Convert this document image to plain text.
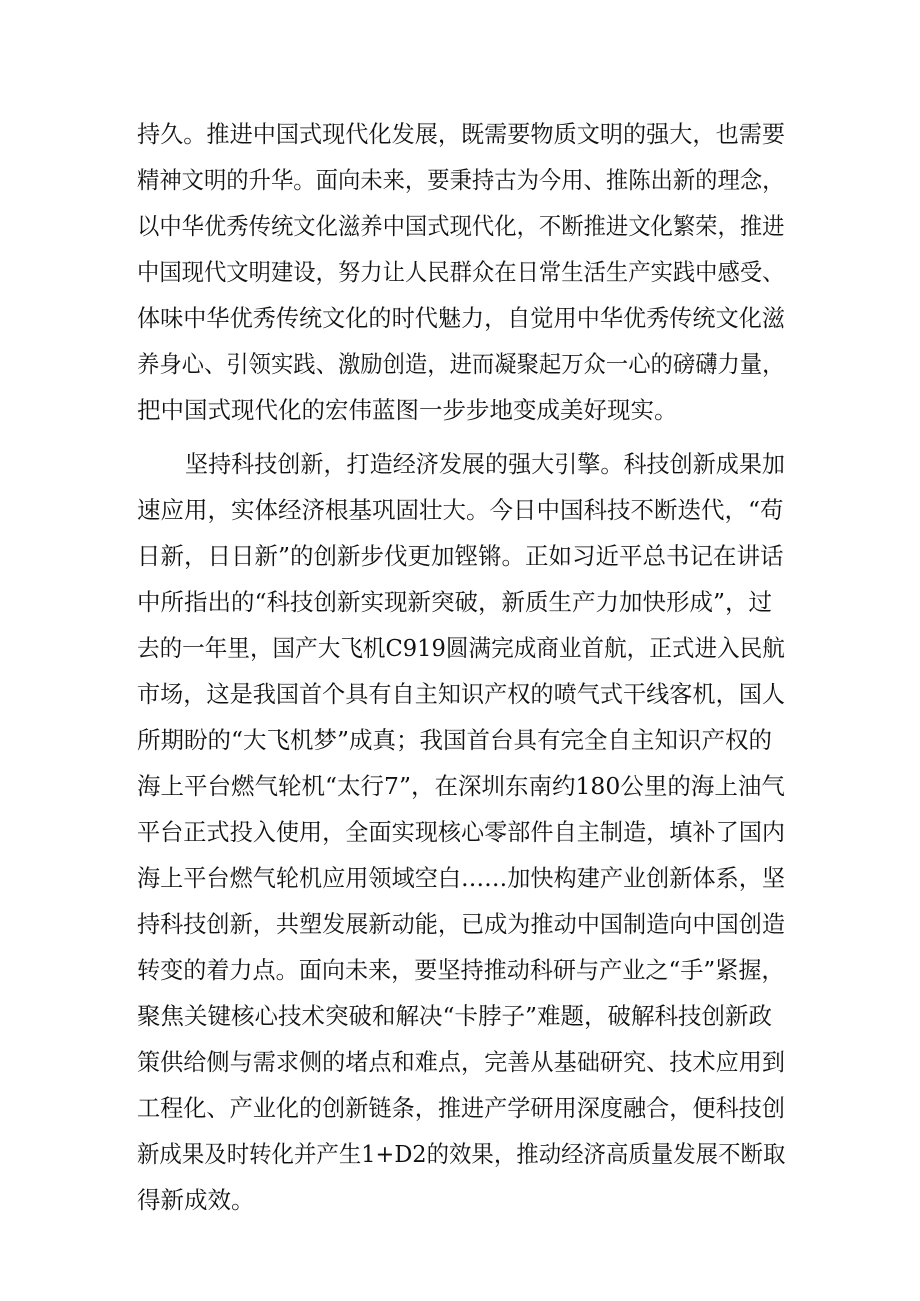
持久。推进中国式现代化发展，既需要物质文明的强大，也需要
精神文明的升华。面向未来，要秉持古为今用、推陈出新的理念，
以中华优秀传统文化滋养中国式现代化，不断推进文化繁荣，推进
中国现代文明建设，努力让人民群众在日常生活生产实践中感受、
体味中华优秀传统文化的时代魅力，自觉用中华优秀传统文化滋
养身心、引领实践、激励创造，进而凝聚起万众一心的磅礴力量，
把中国式现代化的宏伟蓝图一步步地变成美好现实。
坚持科技创新，打造经济发展的强大引擎。科技创新成果加
速应用，实体经济根基巩固壮大。今日中国科技不断迭代，“苟
日新，日日新”的创新步伐更加铿锵。正如习近平总书记在讲话
中所指出的“科技创新实现新突破，新质生产力加快形成”，过
去的一年里，国产大飞机C919圆满完成商业首航，正式进入民航
市场，这是我国首个具有自主知识产权的喷气式干线客机，国人
所期盼的“大飞机梦”成真；我国首台具有完全自主知识产权的
海上平台燃气轮机“太行7”，在深圳东南约180公里的海上油气
平台正式投入使用，全面实现核心零部件自主制造，填补了国内
海上平台燃气轮机应用领域空白……加快构建产业创新体系，坚
持科技创新，共塑发展新动能，已成为推动中国制造向中国创造
转变的着力点。面向未来，要坚持推动科研与产业之“手”紧握，
聚焦关键核心技术突破和解决“卡脖子”难题，破解科技创新政
策供给侧与需求侧的堵点和难点，完善从基础研究、技术应用到
工程化、产业化的创新链条，推进产学研用深度融合，便科技创
新成果及时转化并产生1+D2的效果，推动经济高质量发展不断取
得新成效。
